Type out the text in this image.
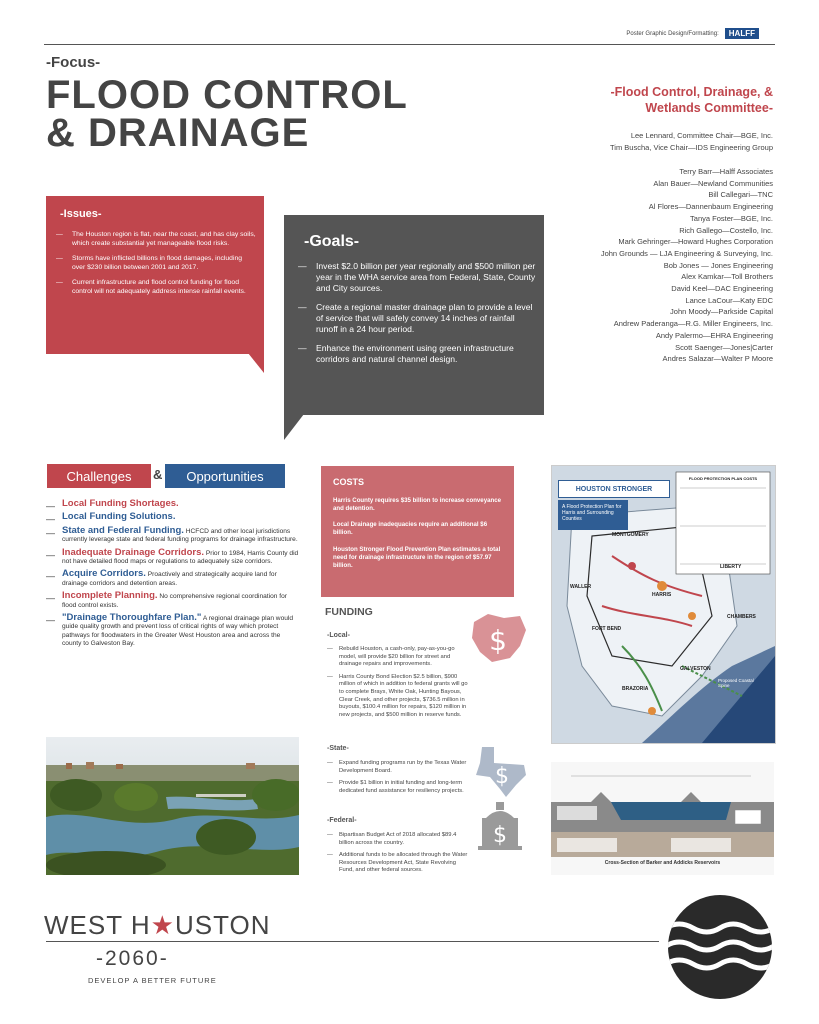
Poster Graphic Design/Formatting:	HALFF
-Focus-
FLOOD CONTROL
& DRAINAGE
-Flood Control, Drainage, &
Wetlands Committee-
Lee Lennard, Committee Chair—BGE, Inc.
Tim Buscha, Vice Chair—IDS Engineering Group
Terry Barr—Halff Associates
Alan Bauer—Newland Communities
Bill Callegari—TNC
Al Flores—Dannenbaum Engineering
Tanya Foster—BGE, Inc.
Rich Gallego—Costello, Inc.
Mark Gehringer—Howard Hughes Corporation
John Grounds — LJA Engineering & Surveying, Inc.
Bob Jones — Jones Engineering
Alex Kamkar—Toll Brothers
David Keel—DAC Engineering
Lance LaCour—Katy EDC
John Moody—Parkside Capital
Andrew Paderanga—R.G. Miller Engineers, Inc.
Andy Palermo—EHRA Engineering
Scott Saenger—Jones|Carter
Andres Salazar—Walter P Moore
-Issues-
— The Houston region is flat, near the coast, and has clay soils, which create substantial yet manageable flood risks.
— Storms have inflicted billions in flood damages, including over $230 billion between 2001 and 2017.
— Current infrastructure and flood control funding for flood control will not adequately address intense rainfall events.
-Goals-
— Invest $2.0 billion per year regionally and $500 million per year in the WHA service area from Federal, State, County and City sources.
— Create a regional master drainage plan to provide a level of service that will safely convey 14 inches of rainfall runoff in a 24 hour period.
— Enhance the environment using green infrastructure corridors and natural channel design.
Challenges	&	Opportunities
— Local Funding Shortages.
— Local Funding Solutions.
— State and Federal Funding. HCFCD and other local jurisdictions currently leverage state and federal funding programs for drainage infrastructure.
— Inadequate Drainage Corridors. Prior to 1984, Harris County did not have detailed flood maps or regulations to adequately size corridors.
— Acquire Corridors. Proactively and strategically acquire land for drainage corridors and detention areas.
— Incomplete Planning. No comprehensive regional coordination for flood control exists.
— "Drainage Thoroughfare Plan." A regional drainage plan would guide quality growth and prevent loss of critical rights of way which protect pathways for floodwaters in the Greater West Houston area and across the county to Galveston Bay.
COSTS

Harris County requires $35 billion to increase conveyance and detention.

Local Drainage inadequacies require an additional $6 billion.

Houston Stronger Flood Prevention Plan estimates a total need for drainage infrastructure in the region of $57.97 billion.

FUNDING
-Local-
— Rebuild Houston, a cash-only, pay-as-you-go model, will provide $20 billion for street and drainage repairs and improvements.
— Harris County Bond Election $2.5 billion, $900 million of which in addition to federal grants will go to complete Brays, White Oak, Hunting Bayous, Clear Creek, and other projects, $736.5 million in buyouts, $100.4 million for repairs, $120 million in new projects, and $500 million in reserve funds.
-State-
— Expand funding programs run by the Texas Water Development Board.
— Provide $1 billion in initial funding and long-term dedicated fund assistance for resiliency projects.
-Federal-
— Bipartisan Budget Act of 2018 allocated $89.4 billion across the country.
— Additional funds to be allocated through the Water Resources Development Act, State Revolving Fund, and other federal sources.
$
$
$
HOUSTON STRONGER
A Flood Protection Plan for Harris and Surrounding Counties
FLOOD PROTECTION PLAN COSTS
MONTGOMERY
WALLER
HARRIS
LIBERTY
CHAMBERS
FORT BEND
GALVESTON
BRAZORIA
Proposed Coastal Spine
Cross-Section of Barker and Addicks Reservoirs
WEST H★USTON
-2060-
DEVELOP A BETTER FUTURE
